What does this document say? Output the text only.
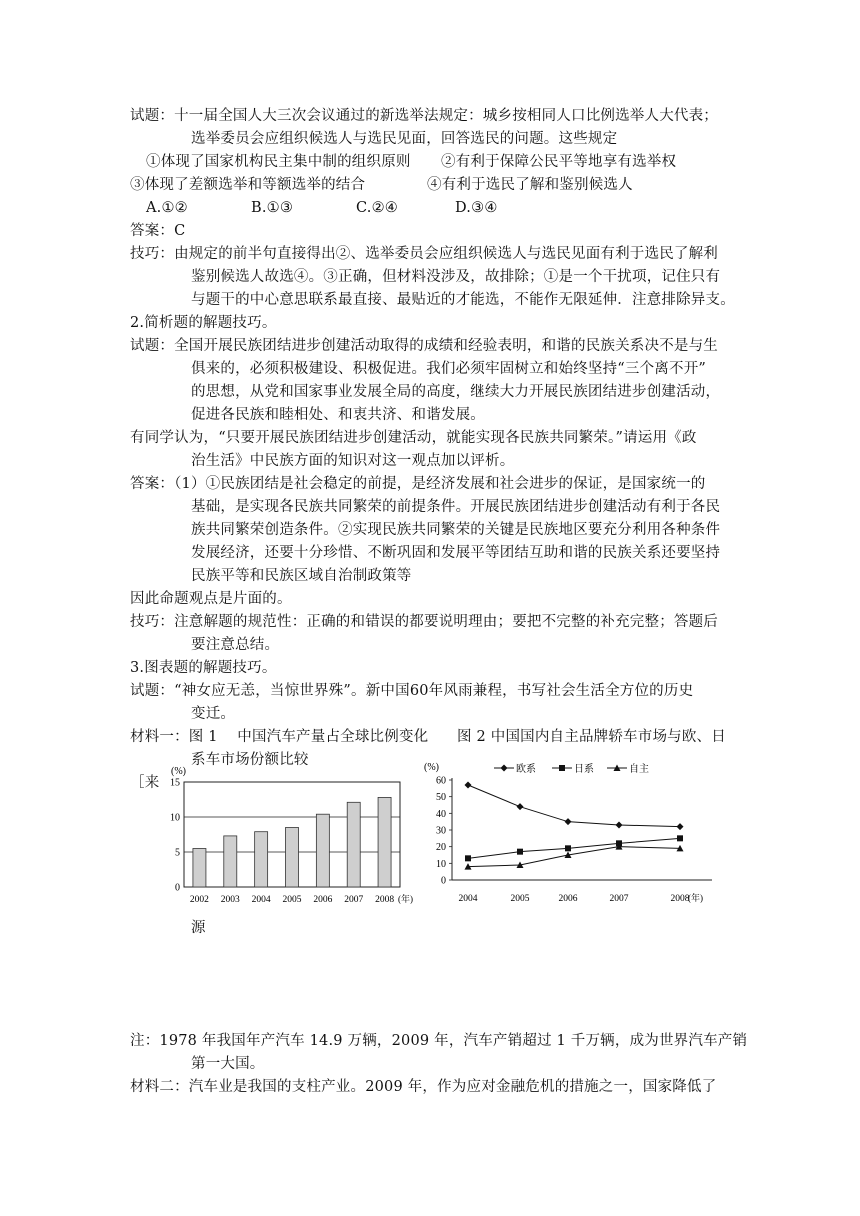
试题：十一届全国人大三次会议通过的新选举法规定：城乡按相同人口比例选举人大代表；
选举委员会应组织候选人与选民见面，回答选民的问题。这些规定
①体现了国家机构民主集中制的组织原则 ②有利于保障公民平等地享有选举权
③体现了差额选举和等额选举的结合	④有利于选民了解和鉴别候选人
A.①②	B.①③	C.②④	D.③④
答案：C
技巧：由规定的前半句直接得出②、选举委员会应组织候选人与选民见面有利于选民了解利
鉴别候选人故选④。③正确，但材料没涉及，故排除；①是一个干扰项，记住只有
与题干的中心意思联系最直接、最贴近的才能选，不能作无限延伸．注意排除异支。
2.简析题的解题技巧。
试题：全国开展民族团结进步创建活动取得的成绩和经验表明，和谐的民族关系决不是与生
俱来的，必须积极建设、积极促进。我们必须牢固树立和始终坚持“三个离不开”
的思想，从党和国家事业发展全局的高度，继续大力开展民族团结进步创建活动，
促进各民族和睦相处、和衷共济、和谐发展。
有同学认为，“只要开展民族团结进步创建活动，就能实现各民族共同繁荣。”请运用《政
治生活》中民族方面的知识对这一观点加以评析。
答案：（1）①民族团结是社会稳定的前提，是经济发展和社会进步的保证，是国家统一的
基础，是实现各民族共同繁荣的前提条件。开展民族团结进步创建活动有利于各民
族共同繁荣创造条件。②实现民族共同繁荣的关键是民族地区要充分利用各种条件
发展经济，还要十分珍惜、不断巩固和发展平等团结互助和谐的民族关系还要坚持
民族平等和民族区域自治制政策等
因此命题观点是片面的。
技巧：注意解题的规范性：正确的和错误的都要说明理由；要把不完整的补充完整；答题后
要注意总结。
3.图表题的解题技巧。
试题：“神女应无恙，当惊世界殊”。新中国60年风雨兼程，书写社会生活全方位的历史
变迁。
材料一：图 1　 中国汽车产量占全球比例变化 图 2 中国国内自主品牌轿车市场与欧、日
系车市场份额比较
［来
(%)
0
5
10
15
2002 2003 2004 2005 2006 2007 2008 (年)
(%)	欧系	日系	自主
0
10
20
30
40
50
60
2004	2005	2006	2007	2008
(年)
源
注：1978 年我国年产汽车 14.9 万辆，2009 年，汽车产销超过 1 千万辆，成为世界汽车产销
第一大国。
材料二：汽车业是我国的支柱产业。2009 年，作为应对金融危机的措施之一，国家降低了
